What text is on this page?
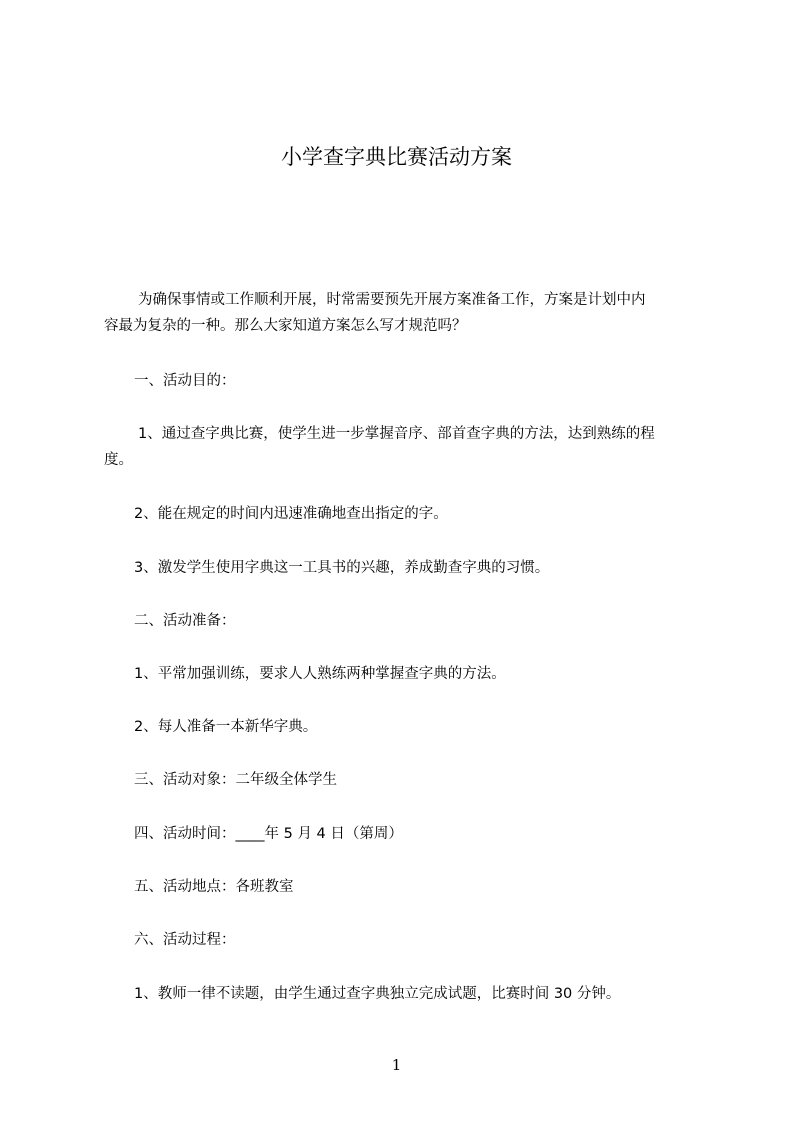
小学查字典比赛活动方案
为确保事情或工作顺利开展，时常需要预先开展方案准备工作，方案是计划中内
容最为复杂的一种。那么大家知道方案怎么写才规范吗？
一、活动目的：
1、通过查字典比赛，使学生进一步掌握音序、部首查字典的方法，达到熟练的程
度。
2、能在规定的时间内迅速准确地查出指定的字。
3、激发学生使用字典这一工具书的兴趣，养成勤查字典的习惯。
二、活动准备：
1、平常加强训练，要求人人熟练两种掌握查字典的方法。
2、每人准备一本新华字典。
三、活动对象：二年级全体学生
四、活动时间：____年 5 月 4 日（第周）
五、活动地点：各班教室
六、活动过程：
1、教师一律不读题，由学生通过查字典独立完成试题，比赛时间 30 分钟。
1
